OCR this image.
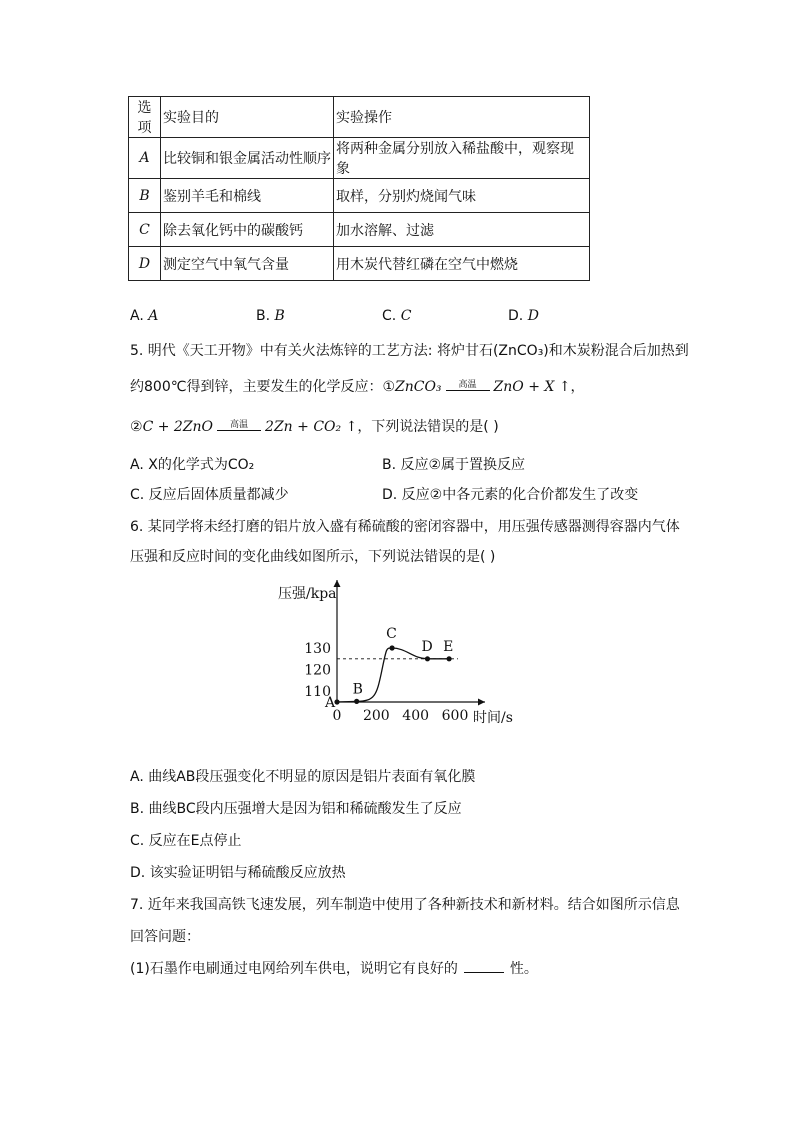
选项	实验目的	实验操作
A	比较铜和银金属活动性顺序	将两种金属分别放入稀盐酸中，观察现象
B	鉴别羊毛和棉线	取样，分别灼烧闻气味
C	除去氧化钙中的碳酸钙	加水溶解、过滤
D	测定空气中氧气含量	用木炭代替红磷在空气中燃烧
A. A	B. B	C. C	D. D
5. 明代《天工开物》中有关火法炼锌的工艺方法: 将炉甘石(ZnCO₃)和木炭粉混合后加热到
约800℃得到锌，主要发生的化学反应：①ZnCO₃	高温	ZnO + X ↑，
②C + 2ZnO	高温	2Zn + CO₂ ↑，下列说法错误的是( )
A. X的化学式为CO₂	B. 反应②属于置换反应
C. 反应后固体质量都减少	D. 反应②中各元素的化合价都发生了改变
6. 某同学将未经打磨的铝片放入盛有稀硫酸的密闭容器中，用压强传感器测得容器内气体
压强和反应时间的变化曲线如图所示，下列说法错误的是( )
压强/kpa
时间/s
0 200 400 600
110
120
130
A
B
C
D E
A. 曲线AB段压强变化不明显的原因是铝片表面有氧化膜
B. 曲线BC段内压强增大是因为铝和稀硫酸发生了反应
C. 反应在E点停止
D. 该实验证明铝与稀硫酸反应放热
7. 近年来我国高铁飞速发展，列车制造中使用了各种新技术和新材料。结合如图所示信息
回答问题：
(1)石墨作电刷通过电网给列车供电，说明它有良好的	性。
